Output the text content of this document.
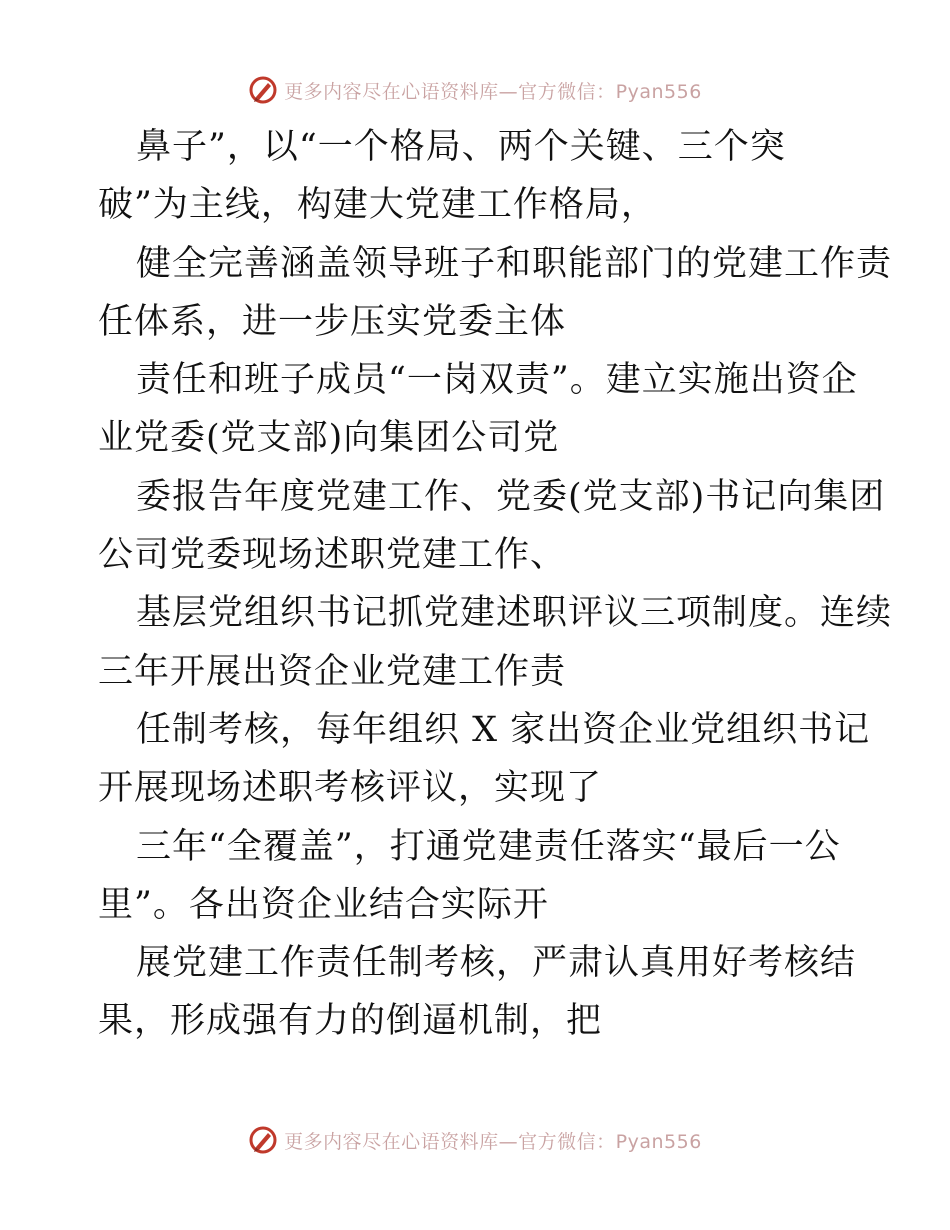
更多内容尽在心语资料库—官方微信：Pyan556
鼻子”，以“一个格局、两个关键、三个突
破”为主线，构建大党建工作格局，
健全完善涵盖领导班子和职能部门的党建工作责
任体系，进一步压实党委主体
责任和班子成员“一岗双责”。建立实施出资企
业党委(党支部)向集团公司党
委报告年度党建工作、党委(党支部)书记向集团
公司党委现场述职党建工作、
基层党组织书记抓党建述职评议三项制度。连续
三年开展出资企业党建工作责
任制考核，每年组织 X 家出资企业党组织书记
开展现场述职考核评议，实现了
三年“全覆盖”，打通党建责任落实“最后一公
里”。各出资企业结合实际开
展党建工作责任制考核，严肃认真用好考核结
果，形成强有力的倒逼机制，把
更多内容尽在心语资料库—官方微信：Pyan556
